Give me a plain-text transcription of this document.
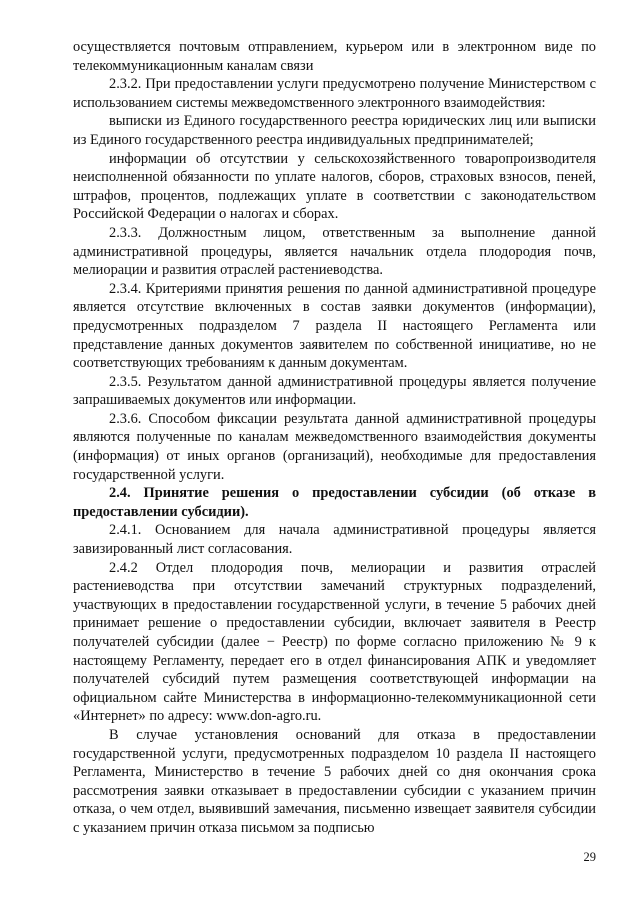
осуществляется почтовым отправлением, курьером или в электронном виде по телекоммуникационным каналам связи

2.3.2. При предоставлении услуги предусмотрено получение Министерством с использованием системы межведомственного электронного взаимодействия:

выписки из Единого государственного реестра юридических лиц или выписки из Единого государственного реестра индивидуальных предпринимателей;

информации об отсутствии у сельскохозяйственного товаропроизводителя неисполненной обязанности по уплате налогов, сборов, страховых взносов, пеней, штрафов, процентов, подлежащих уплате в соответствии с законодательством Российской Федерации о налогах и сборах.

2.3.3. Должностным лицом, ответственным за выполнение данной административной процедуры, является начальник отдела плодородия почв, мелиорации и развития отраслей растениеводства.

2.3.4. Критериями принятия решения по данной административной процедуре является отсутствие включенных в состав заявки документов (информации), предусмотренных подразделом 7 раздела II настоящего Регламента или представление данных документов заявителем по собственной инициативе, но не соответствующих требованиям к данным документам.

2.3.5. Результатом данной административной процедуры является получение запрашиваемых документов или информации.

2.3.6. Способом фиксации результата данной административной процедуры являются полученные по каналам межведомственного взаимодействия документы (информация) от иных органов (организаций), необходимые для предоставления государственной услуги.

2.4. Принятие решения о предоставлении субсидии (об отказе в предоставлении субсидии).

2.4.1. Основанием для начала административной процедуры является завизированный лист согласования.

2.4.2 Отдел плодородия почв, мелиорации и развития отраслей растениеводства при отсутствии замечаний структурных подразделений, участвующих в предоставлении государственной услуги, в течение 5 рабочих дней принимает решение о предоставлении субсидии, включает заявителя в Реестр получателей субсидии (далее − Реестр) по форме согласно приложению № 9 к настоящему Регламенту, передает его в отдел финансирования АПК и уведомляет получателей субсидий путем размещения соответствующей информации на официальном сайте Министерства в информационно-телекоммуникационной сети «Интернет» по адресу: www.don-agro.ru.

В случае установления оснований для отказа в предоставлении государственной услуги, предусмотренных подразделом 10 раздела II настоящего Регламента, Министерство в течение 5 рабочих дней со дня окончания срока рассмотрения заявки отказывает в предоставлении субсидии с указанием причин отказа, о чем отдел, выявивший замечания, письменно извещает заявителя субсидии с указанием причин отказа письмом за подписью

29
